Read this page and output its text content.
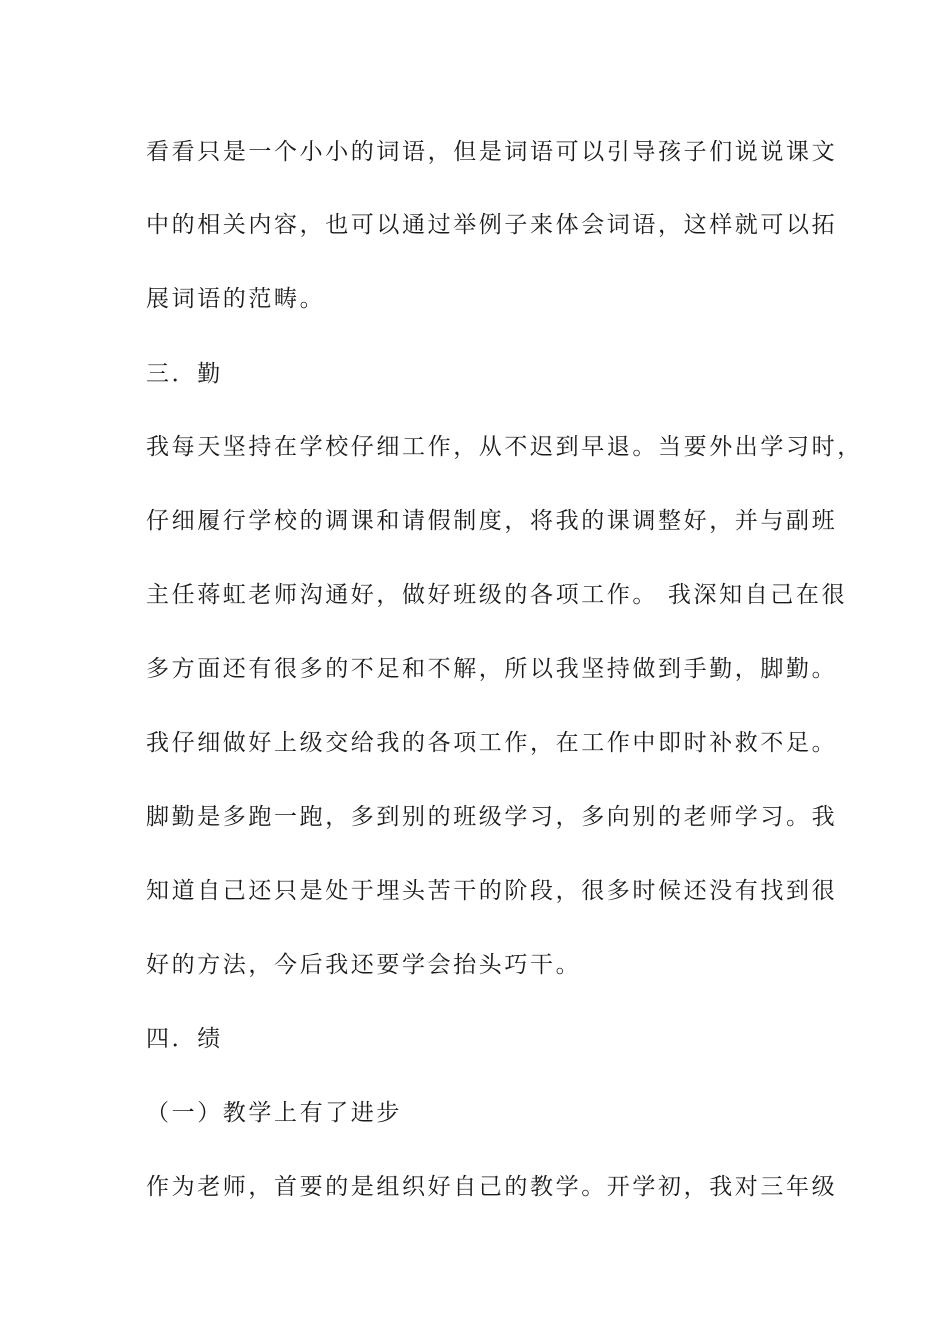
看看只是一个小小的词语，但是词语可以引导孩子们说说课文
中的相关内容，也可以通过举例子来体会词语，这样就可以拓
展词语的范畴。
三．勤
我每天坚持在学校仔细工作，从不迟到早退。当要外出学习时，
仔细履行学校的调课和请假制度，将我的课调整好，并与副班
主任蒋虹老师沟通好，做好班级的各项工作。 我深知自己在很
多方面还有很多的不足和不解，所以我坚持做到手勤，脚勤。
我仔细做好上级交给我的各项工作，在工作中即时补救不足。
脚勤是多跑一跑，多到别的班级学习，多向别的老师学习。我
知道自己还只是处于埋头苦干的阶段，很多时候还没有找到很
好的方法，今后我还要学会抬头巧干。
四．绩
（一）教学上有了进步
作为老师，首要的是组织好自己的教学。开学初，我对三年级
